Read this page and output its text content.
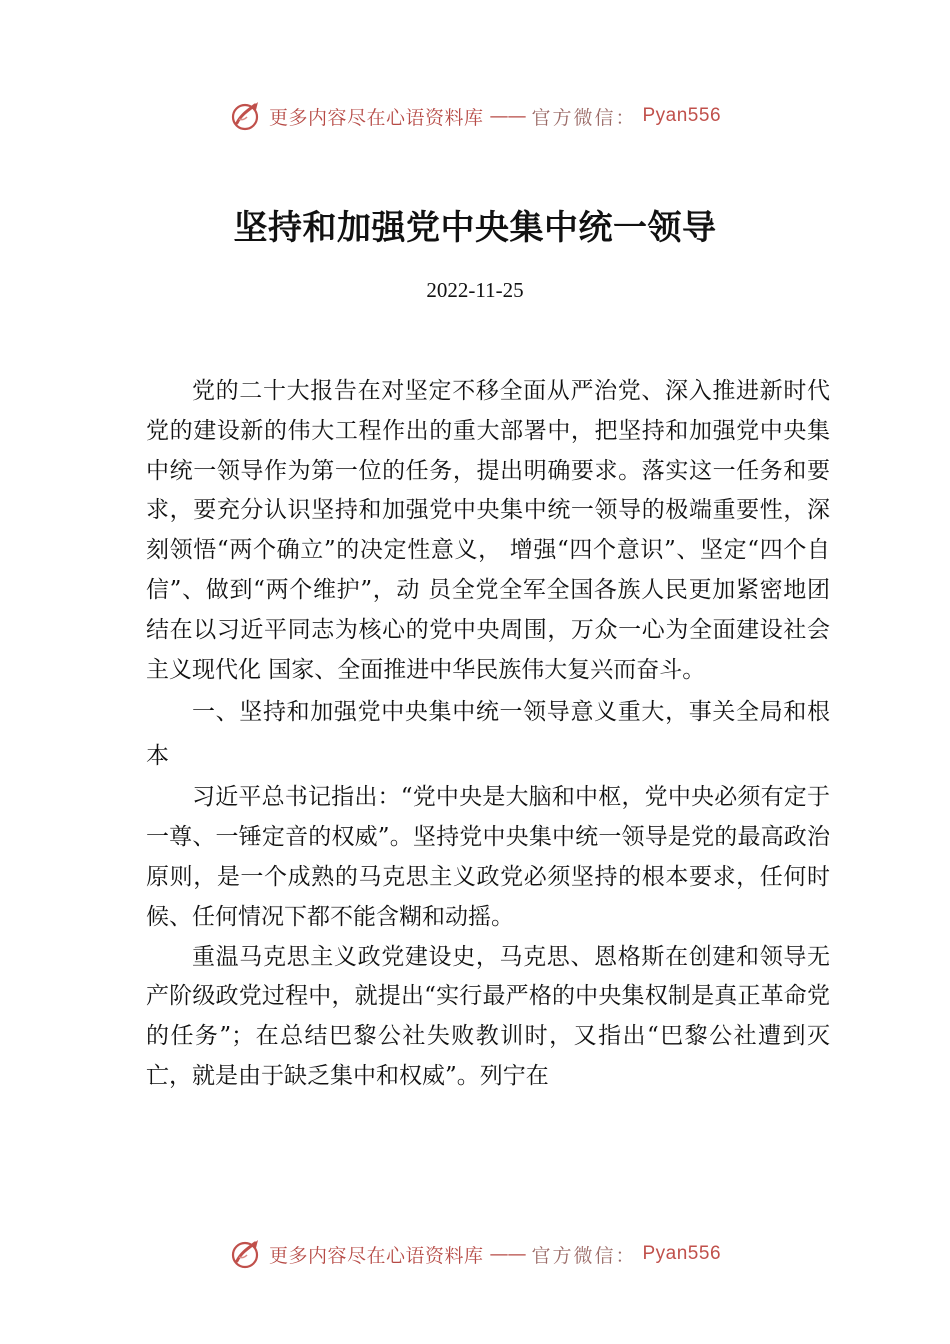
更多内容尽在心语资料库 —— 官方微信： Pyan556
坚持和加强党中央集中统一领导
2022-11-25

党的二十大报告在对坚定不移全面从严治党、深入推进新时代党的建设新的伟大工程作出的重大部署中，把坚持和加强党中央集中统一领导作为第一位的任务，提出明确要求。落实这一任务和要求，要充分认识坚持和加强党中央集中统一领导的极端重要性，深刻领悟“两个确立”的决定性意义， 增强“四个意识”、坚定“四个自信”、做到“两个维护”，动 员全党全军全国各族人民更加紧密地团结在以习近平同志为核心的党中央周围，万众一心为全面建设社会主义现代化 国家、全面推进中华民族伟大复兴而奋斗。

一、坚持和加强党中央集中统一领导意义重大，事关全局和根本

习近平总书记指出：“党中央是大脑和中枢，党中央必须有定于一尊、一锤定音的权威”。坚持党中央集中统一领导是党的最高政治原则，是一个成熟的马克思主义政党必须坚持的根本要求，任何时候、任何情况下都不能含糊和动摇。

重温马克思主义政党建设史，马克思、恩格斯在创建和领导无产阶级政党过程中，就提出“实行最严格的中央集权制是真正革命党的任务”；在总结巴黎公社失败教训时，又指出“巴黎公社遭到灭亡，就是由于缺乏集中和权威”。列宁在

更多内容尽在心语资料库 —— 官方微信： Pyan556
